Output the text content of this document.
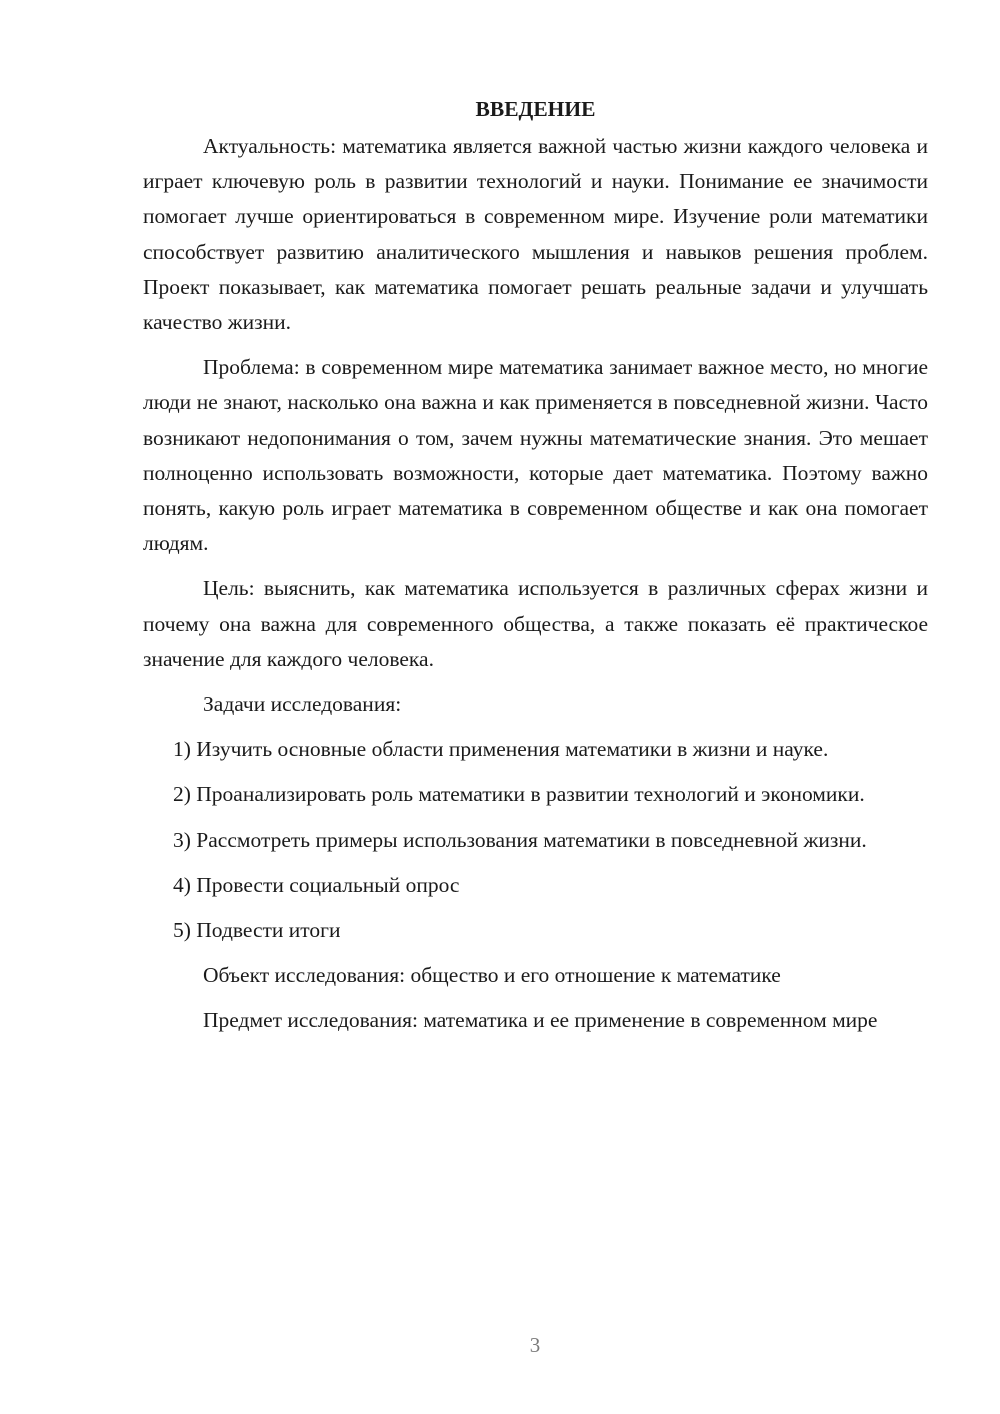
ВВЕДЕНИЕ

Актуальность: математика является важной частью жизни каждого человека и играет ключевую роль в развитии технологий и науки. Понимание ее значимости помогает лучше ориентироваться в современном мире. Изучение роли математики способствует развитию аналитического мышления и навыков решения проблем. Проект показывает, как математика помогает решать реальные задачи и улучшать качество жизни.

Проблема: в современном мире математика занимает важное место, но многие люди не знают, насколько она важна и как применяется в повседневной жизни. Часто возникают недопонимания о том, зачем нужны математические знания. Это мешает полноценно использовать возможности, которые дает математика. Поэтому важно понять, какую роль играет математика в современном обществе и как она помогает людям.

Цель: выяснить, как математика используется в различных сферах жизни и почему она важна для современного общества, а также показать её практическое значение для каждого человека.

Задачи исследования:

1) Изучить основные области применения математики в жизни и науке.

2) Проанализировать роль математики в развитии технологий и экономики.

3) Рассмотреть примеры использования математики в повседневной жизни.

4) Провести социальный опрос

5) Подвести итоги

Объект исследования: общество и его отношение к математике

Предмет исследования: математика и ее применение в современном мире

3
